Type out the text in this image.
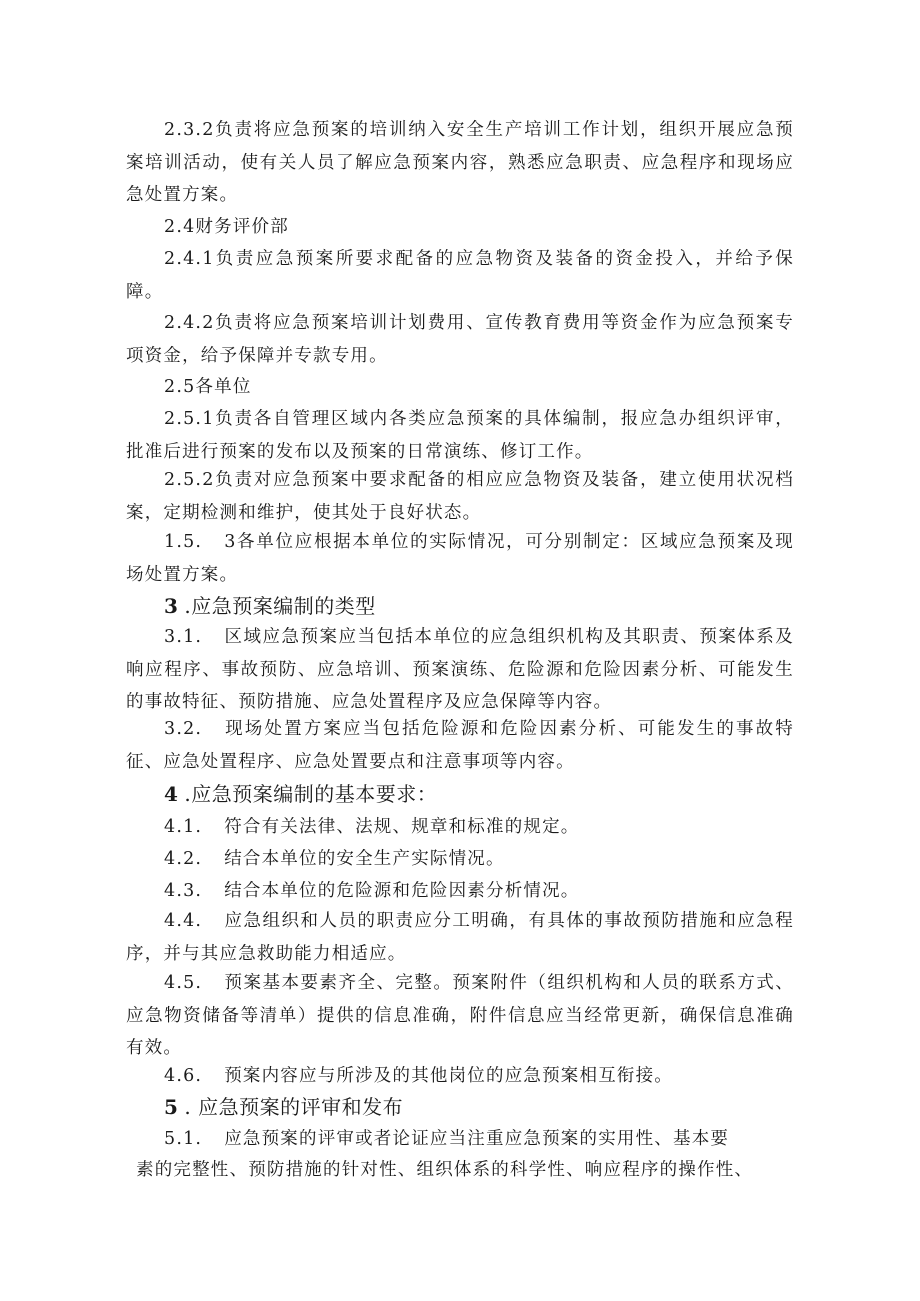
2.3.2负责将应急预案的培训纳入安全生产培训工作计划，组织开展应急预案培训活动，使有关人员了解应急预案内容，熟悉应急职责、应急程序和现场应急处置方案。

2.4财务评价部

2.4.1负责应急预案所要求配备的应急物资及装备的资金投入，并给予保障。

2.4.2负责将应急预案培训计划费用、宣传教育费用等资金作为应急预案专项资金，给予保障并专款专用。

2.5各单位

2.5.1负责各自管理区域内各类应急预案的具体编制，报应急办组织评审，批准后进行预案的发布以及预案的日常演练、修订工作。

2.5.2负责对应急预案中要求配备的相应应急物资及装备，建立使用状况档案，定期检测和维护，使其处于良好状态。

1.5. 3各单位应根据本单位的实际情况，可分别制定：区域应急预案及现场处置方案。

3 .应急预案编制的类型

3.1. 区域应急预案应当包括本单位的应急组织机构及其职责、预案体系及响应程序、事故预防、应急培训、预案演练、危险源和危险因素分析、可能发生的事故特征、预防措施、应急处置程序及应急保障等内容。

3.2. 现场处置方案应当包括危险源和危险因素分析、可能发生的事故特征、应急处置程序、应急处置要点和注意事项等内容。

4 .应急预案编制的基本要求：

4.1. 符合有关法律、法规、规章和标准的规定。

4.2. 结合本单位的安全生产实际情况。

4.3. 结合本单位的危险源和危险因素分析情况。

4.4. 应急组织和人员的职责应分工明确，有具体的事故预防措施和应急程序，并与其应急救助能力相适应。

4.5. 预案基本要素齐全、完整。预案附件（组织机构和人员的联系方式、应急物资储备等清单）提供的信息准确，附件信息应当经常更新，确保信息准确有效。

4.6. 预案内容应与所涉及的其他岗位的应急预案相互衔接。

5 . 应急预案的评审和发布

5.1. 应急预案的评审或者论证应当注重应急预案的实用性、基本要

素的完整性、预防措施的针对性、组织体系的科学性、响应程序的操作性、
